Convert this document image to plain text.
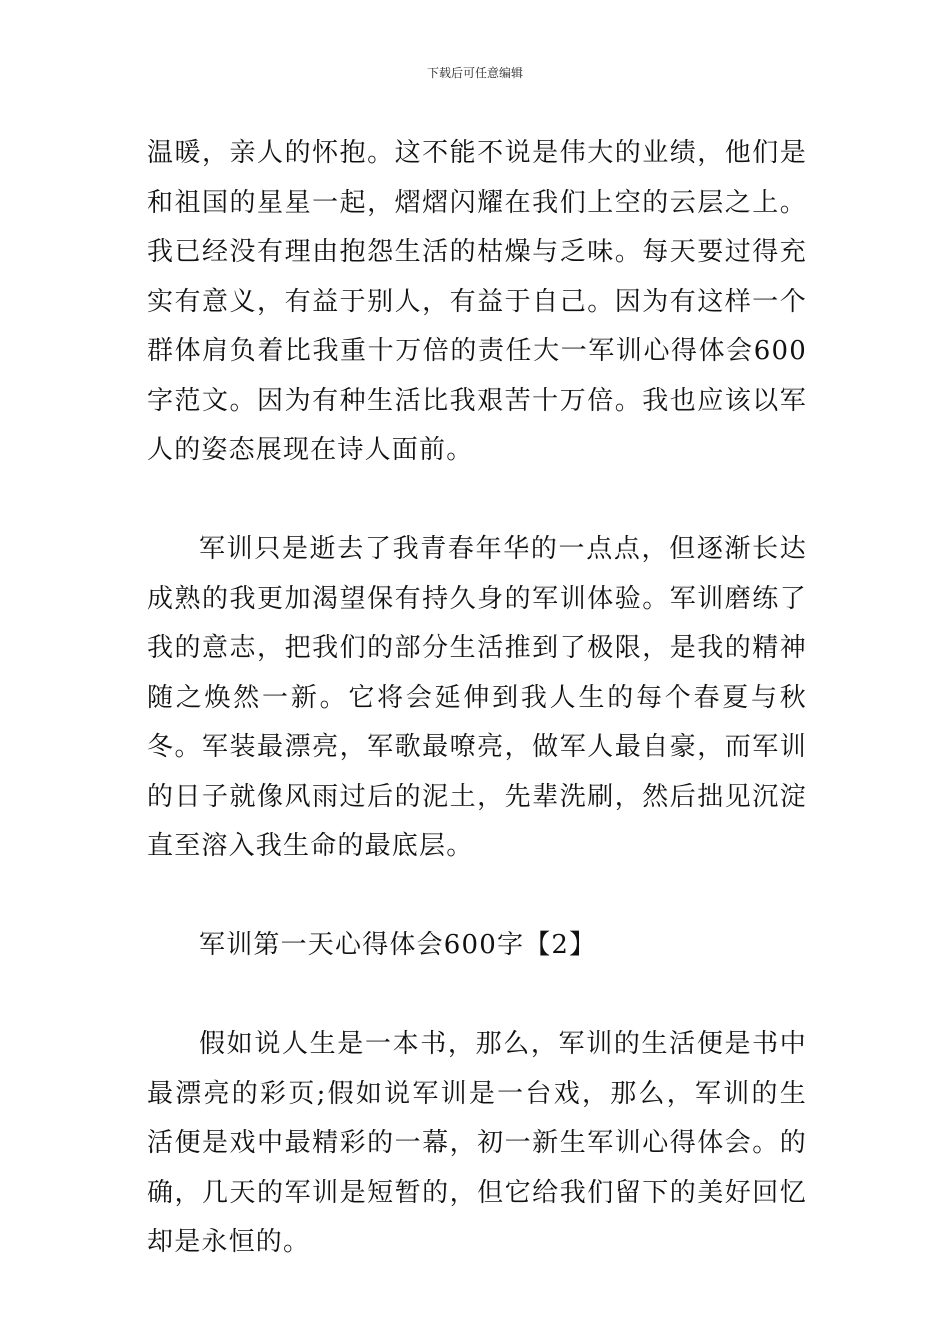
下载后可任意编辑

温暖，亲人的怀抱。这不能不说是伟大的业绩，他们是和祖国的星星一起，熠熠闪耀在我们上空的云层之上。我已经没有理由抱怨生活的枯燥与乏味。每天要过得充实有意义，有益于别人，有益于自己。因为有这样一个群体肩负着比我重十万倍的责任大一军训心得体会600字范文。因为有种生活比我艰苦十万倍。我也应该以军人的姿态展现在诗人面前。

军训只是逝去了我青春年华的一点点，但逐渐长达成熟的我更加渴望保有持久身的军训体验。军训磨练了我的意志，把我们的部分生活推到了极限，是我的精神随之焕然一新。它将会延伸到我人生的每个春夏与秋冬。军装最漂亮，军歌最嘹亮，做军人最自豪，而军训的日子就像风雨过后的泥土，先辈洗刷，然后拙见沉淀直至溶入我生命的最底层。

军训第一天心得体会600字【2】

假如说人生是一本书，那么，军训的生活便是书中最漂亮的彩页;假如说军训是一台戏，那么，军训的生活便是戏中最精彩的一幕，初一新生军训心得体会。的确，几天的军训是短暂的，但它给我们留下的美好回忆却是永恒的。
